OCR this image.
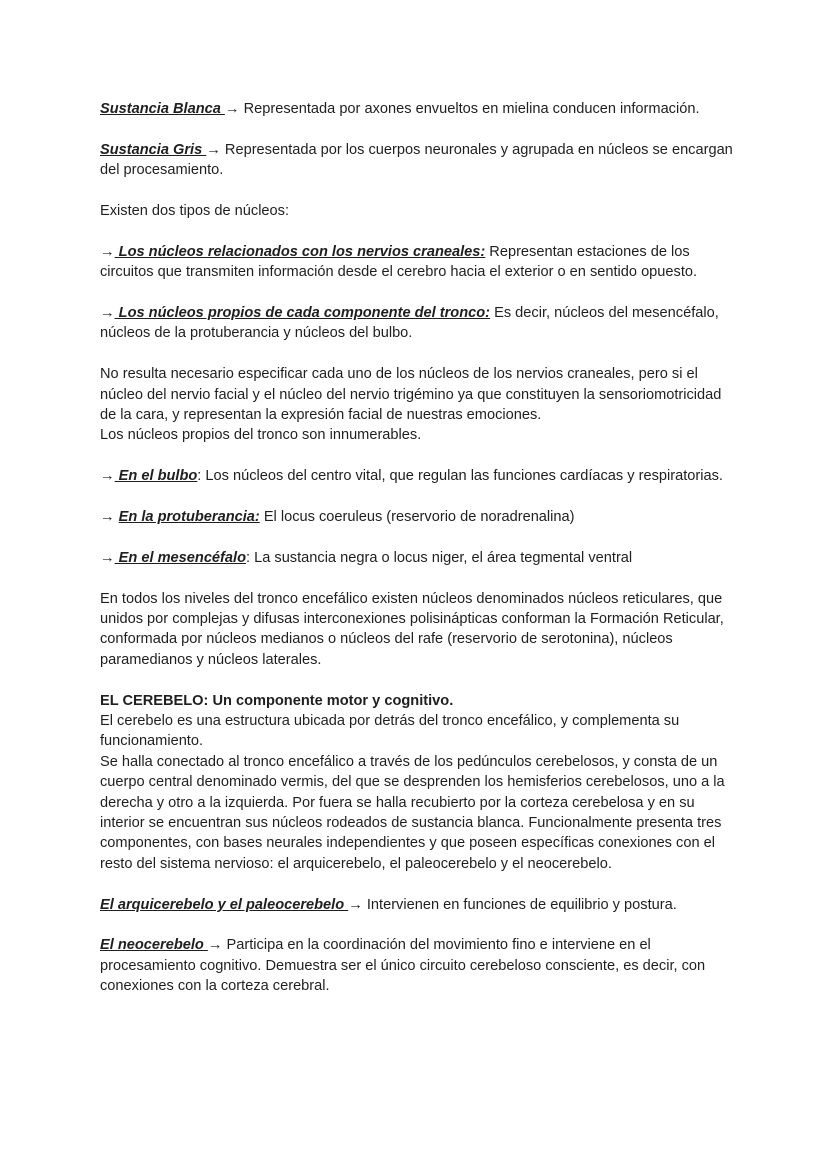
Sustancia Blanca → Representada por axones envueltos en mielina conducen información.

Sustancia Gris → Representada por los cuerpos neuronales y agrupada en núcleos se encargan del procesamiento.

Existen dos tipos de núcleos:

→ Los núcleos relacionados con los nervios craneales: Representan estaciones de los circuitos que transmiten información desde el cerebro hacia el exterior o en sentido opuesto.

→ Los núcleos propios de cada componente del tronco: Es decir, núcleos del mesencéfalo, núcleos de la protuberancia y núcleos del bulbo.

No resulta necesario especificar cada uno de los núcleos de los nervios craneales, pero si el núcleo del nervio facial y el núcleo del nervio trigémino ya que constituyen la sensoriomotricidad de la cara, y representan la expresión facial de nuestras emociones.
Los núcleos propios del tronco son innumerables.

→ En el bulbo: Los núcleos del centro vital, que regulan las funciones cardíacas y respiratorias.

→ En la protuberancia: El locus coeruleus (reservorio de noradrenalina)

→ En el mesencéfalo: La sustancia negra o locus niger, el área tegmental ventral

En todos los niveles del tronco encefálico existen núcleos denominados núcleos reticulares, que unidos por complejas y difusas interconexiones polisinápticas conforman la Formación Reticular, conformada por núcleos medianos o núcleos del rafe (reservorio de serotonina), núcleos paramedianos y núcleos laterales.

EL CEREBELO: Un componente motor y cognitivo.
El cerebelo es una estructura ubicada por detrás del tronco encefálico, y complementa su funcionamiento.
Se halla conectado al tronco encefálico a través de los pedúnculos cerebelosos, y consta de un cuerpo central denominado vermis, del que se desprenden los hemisferios cerebelosos, uno a la derecha y otro a la izquierda. Por fuera se halla recubierto por la corteza cerebelosa y en su interior se encuentran sus núcleos rodeados de sustancia blanca. Funcionalmente presenta tres componentes, con bases neurales independientes y que poseen específicas conexiones con el resto del sistema nervioso: el arquicerebelo, el paleocerebelo y el neocerebelo.

El arquicerebelo y el paleocerebelo → Intervienen en funciones de equilibrio y postura.

El neocerebelo → Participa en la coordinación del movimiento fino e interviene en el procesamiento cognitivo. Demuestra ser el único circuito cerebeloso consciente, es decir, con conexiones con la corteza cerebral.
